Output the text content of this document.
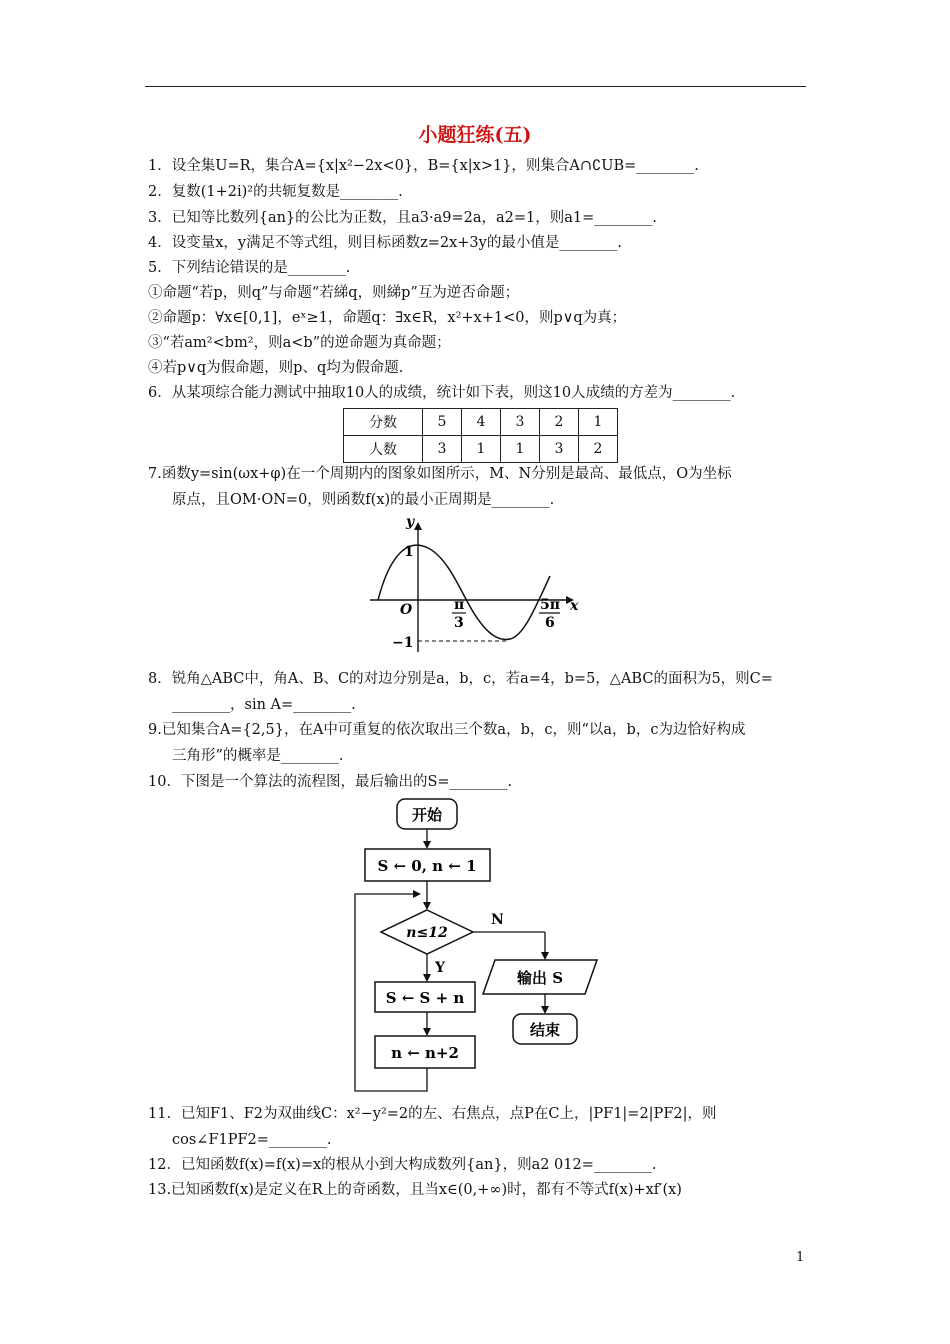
小题狂练(五)
1．设全集U=R，集合A={x|x²−2x<0}，B={x|x>1}，则集合A∩∁UB=________.
2．复数(1+2i)²的共轭复数是________.
3．已知等比数列{an}的公比为正数，且a3·a9=2a，a2=1，则a1=________.
4．设变量x，y满足不等式组，则目标函数z=2x+3y的最小值是________.
5．下列结论错误的是________.
①命题“若p，则q”与命题“若綈q，则綈p”互为逆否命题；
②命题p：∀x∈[0,1]，eˣ≥1，命题q：∃x∈R，x²+x+1<0，则p∨q为真；
③“若am²<bm²，则a<b”的逆命题为真命题；
④若p∨q为假命题，则p、q均为假命题.
6．从某项综合能力测试中抽取10人的成绩，统计如下表，则这10人成绩的方差为________.
分数	5	4	3	2	1
人数	3	1	1	3	2
7.函数y=sin(ωx+φ)在一个周期内的图象如图所示，M、N分别是最高、最低点，O为坐标
原点，且OM·ON=0，则函数f(x)的最小正周期是________.
y
x
O
1
−1
π
3
5π
6
8．锐角△ABC中，角A、B、C的对边分别是a，b，c，若a=4，b=5，△ABC的面积为5，则C=
________，sin A=________.
9.已知集合A={2,5}，在A中可重复的依次取出三个数a，b，c，则“以a，b，c为边恰好构成
三角形”的概率是________.
10．下图是一个算法的流程图，最后输出的S=________.
开始
S ← 0, n ← 1
n≤12
N
输出 S
结束
Y
S ← S + n
n ← n+2
11．已知F1、F2为双曲线C：x²−y²=2的左、右焦点，点P在C上，|PF1|=2|PF2|，则
cos∠F1PF2=________.
12．已知函数f(x)=f(x)=x的根从小到大构成数列{an}，则a2 012=________.
13.已知函数f(x)是定义在R上的奇函数，且当x∈(0,+∞)时，都有不等式f(x)+xf′(x)
1
